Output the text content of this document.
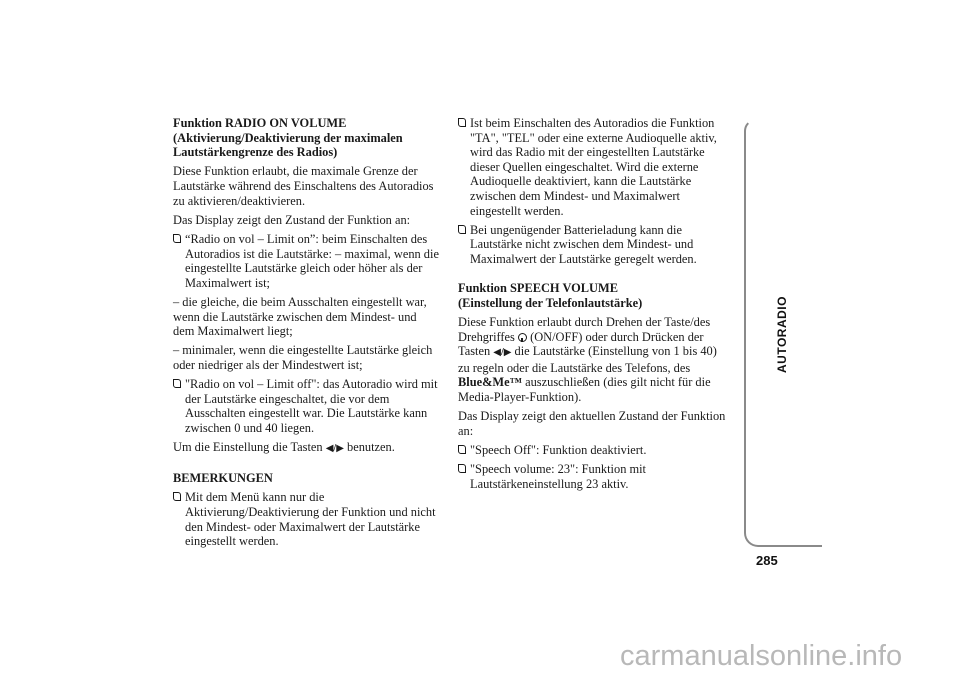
Funktion RADIO ON VOLUME
(Aktivierung/Deaktivierung der maximalen
Lautstärkengrenze des Radios)

Diese Funktion erlaubt, die maximale Grenze der Lautstärke während des Einschaltens des Autoradios zu aktivieren/deaktivieren.

Das Display zeigt den Zustand der Funktion an:

“Radio on vol – Limit on”: beim Einschalten des Autoradios ist die Lautstärke: – maximal, wenn die eingestellte Lautstärke gleich oder höher als der Maximalwert ist;

– die gleiche, die beim Ausschalten eingestellt war, wenn die Lautstärke zwischen dem Mindest- und dem Maximalwert liegt;

– minimaler, wenn die eingestellte Lautstärke gleich oder niedriger als der Mindestwert ist;

"Radio on vol – Limit off": das Autoradio wird mit der Lautstärke eingeschaltet, die vor dem Ausschalten eingestellt war. Die Lautstärke kann zwischen 0 und 40 liegen.

Um die Einstellung die Tasten ◀/▶ benutzen.

BEMERKUNGEN
Mit dem Menü kann nur die Aktivierung/Deaktivierung der Funktion und nicht den Mindest- oder Maximalwert der Lautstärke eingestellt werden.
Ist beim Einschalten des Autoradios die Funktion "TA", "TEL" oder eine externe Audioquelle aktiv, wird das Radio mit der eingestellten Lautstärke dieser Quellen eingeschaltet. Wird die externe Audioquelle deaktiviert, kann die Lautstärke zwischen dem Mindest- und Maximalwert eingestellt werden.
Bei ungenügender Batterieladung kann die Lautstärke nicht zwischen dem Mindest- und Maximalwert der Lautstärke geregelt werden.
Funktion SPEECH VOLUME
(Einstellung der Telefonlautstärke)

Diese Funktion erlaubt durch Drehen der Taste/des Drehgriffes  (ON/OFF) oder durch Drücken der Tasten ◀/▶ die Lautstärke (Einstellung von 1 bis 40) zu regeln oder die Lautstärke des Telefons, des Blue&Me™ auszuschließen (dies gilt nicht für die Media-Player-Funktion).

Das Display zeigt den aktuellen Zustand der Funktion an:

"Speech Off": Funktion deaktiviert.
"Speech volume: 23": Funktion mit Lautstärkeneinstellung 23 aktiv.
AUTORADIO
285
carmanualsonline.info
